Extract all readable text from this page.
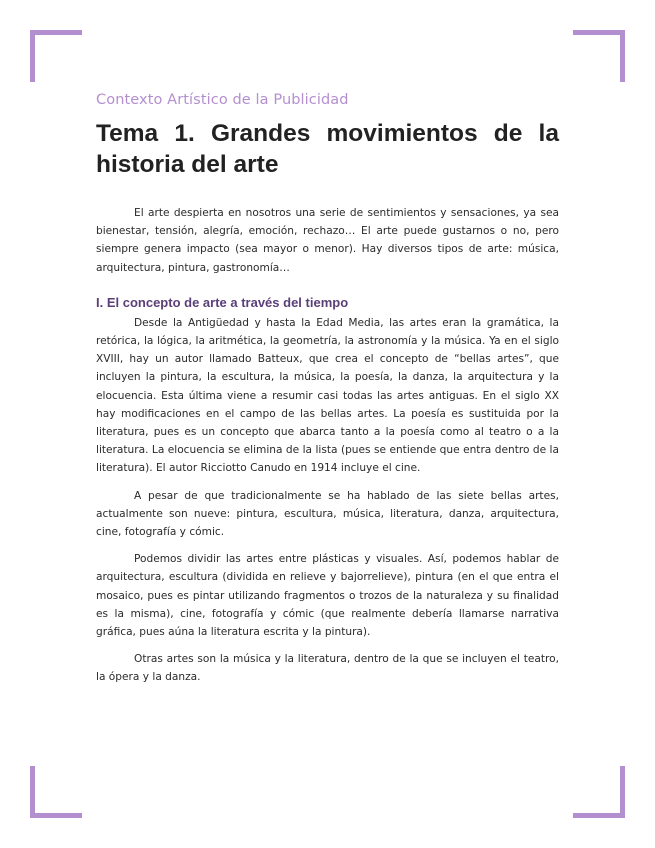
Contexto Artístico de la Publicidad
Tema 1. Grandes movimientos de la historia del arte

El arte despierta en nosotros una serie de sentimientos y sensaciones, ya sea bienestar, tensión, alegría, emoción, rechazo… El arte puede gustarnos o no, pero siempre genera impacto (sea mayor o menor). Hay diversos tipos de arte: música, arquitectura, pintura, gastronomía…

I. El concepto de arte a través del tiempo

Desde la Antigüedad y hasta la Edad Media, las artes eran la gramática, la retórica, la lógica, la aritmética, la geometría, la astronomía y la música. Ya en el siglo XVIII, hay un autor llamado Batteux, que crea el concepto de “bellas artes”, que incluyen la pintura, la escultura, la música, la poesía, la danza, la arquitectura y la elocuencia. Esta última viene a resumir casi todas las artes antiguas. En el siglo XX hay modificaciones en el campo de las bellas artes. La poesía es sustituida por la literatura, pues es un concepto que abarca tanto a la poesía como al teatro o a la literatura. La elocuencia se elimina de la lista (pues se entiende que entra dentro de la literatura). El autor Ricciotto Canudo en 1914 incluye el cine.

A pesar de que tradicionalmente se ha hablado de las siete bellas artes, actualmente son nueve: pintura, escultura, música, literatura, danza, arquitectura, cine, fotografía y cómic.

Podemos dividir las artes entre plásticas y visuales. Así, podemos hablar de arquitectura, escultura (dividida en relieve y bajorrelieve), pintura (en el que entra el mosaico, pues es pintar utilizando fragmentos o trozos de la naturaleza y su finalidad es la misma), cine, fotografía y cómic (que realmente debería llamarse narrativa gráfica, pues aúna la literatura escrita y la pintura).

Otras artes son la música y la literatura, dentro de la que se incluyen el teatro, la ópera y la danza.
